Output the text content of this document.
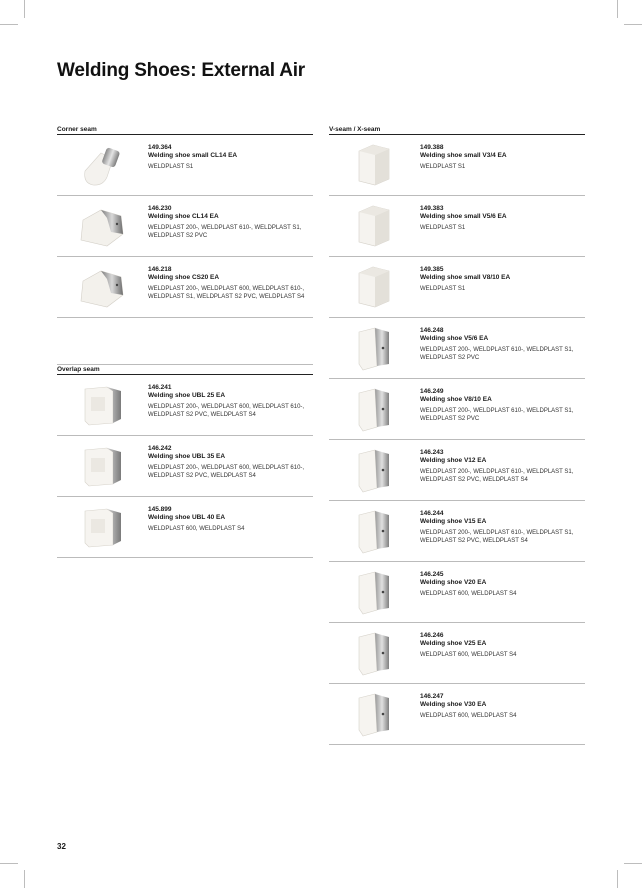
Welding Shoes: External Air
Corner seam
149.364
Welding shoe small CL14 EA
WELDPLAST S1
146.230
Welding shoe CL14 EA
WELDPLAST 200-, WELDPLAST 610-, WELDPLAST S1, WELDPLAST S2 PVC
146.218
Welding shoe CS20 EA
WELDPLAST 200-, WELDPLAST 600, WELDPLAST 610-, WELDPLAST S1, WELDPLAST S2 PVC, WELDPLAST S4
Overlap seam
146.241
Welding shoe UBL 25 EA
WELDPLAST 200-, WELDPLAST 600, WELDPLAST 610-, WELDPLAST S2 PVC, WELDPLAST S4
146.242
Welding shoe UBL 35 EA
WELDPLAST 200-, WELDPLAST 600, WELDPLAST 610-, WELDPLAST S2 PVC, WELDPLAST S4
145.899
Welding shoe UBL 40 EA
WELDPLAST 600, WELDPLAST S4
V-seam / X-seam
149.388
Welding shoe small V3/4 EA
WELDPLAST S1
149.383
Welding shoe small V5/6 EA
WELDPLAST S1
149.385
Welding shoe small V8/10 EA
WELDPLAST S1
146.248
Welding shoe V5/6 EA
WELDPLAST 200-, WELDPLAST 610-, WELDPLAST S1, WELDPLAST S2 PVC
146.249
Welding shoe V8/10 EA
WELDPLAST 200-, WELDPLAST 610-, WELDPLAST S1, WELDPLAST S2 PVC
146.243
Welding shoe V12 EA
WELDPLAST 200-, WELDPLAST 610-, WELDPLAST S1, WELDPLAST S2 PVC, WELDPLAST S4
146.244
Welding shoe V15 EA
WELDPLAST 200-, WELDPLAST 610-, WELDPLAST S1, WELDPLAST S2 PVC, WELDPLAST S4
146.245
Welding shoe V20 EA
WELDPLAST 600, WELDPLAST S4
146.246
Welding shoe V25 EA
WELDPLAST 600, WELDPLAST S4
146.247
Welding shoe V30 EA
WELDPLAST 600, WELDPLAST S4
32
